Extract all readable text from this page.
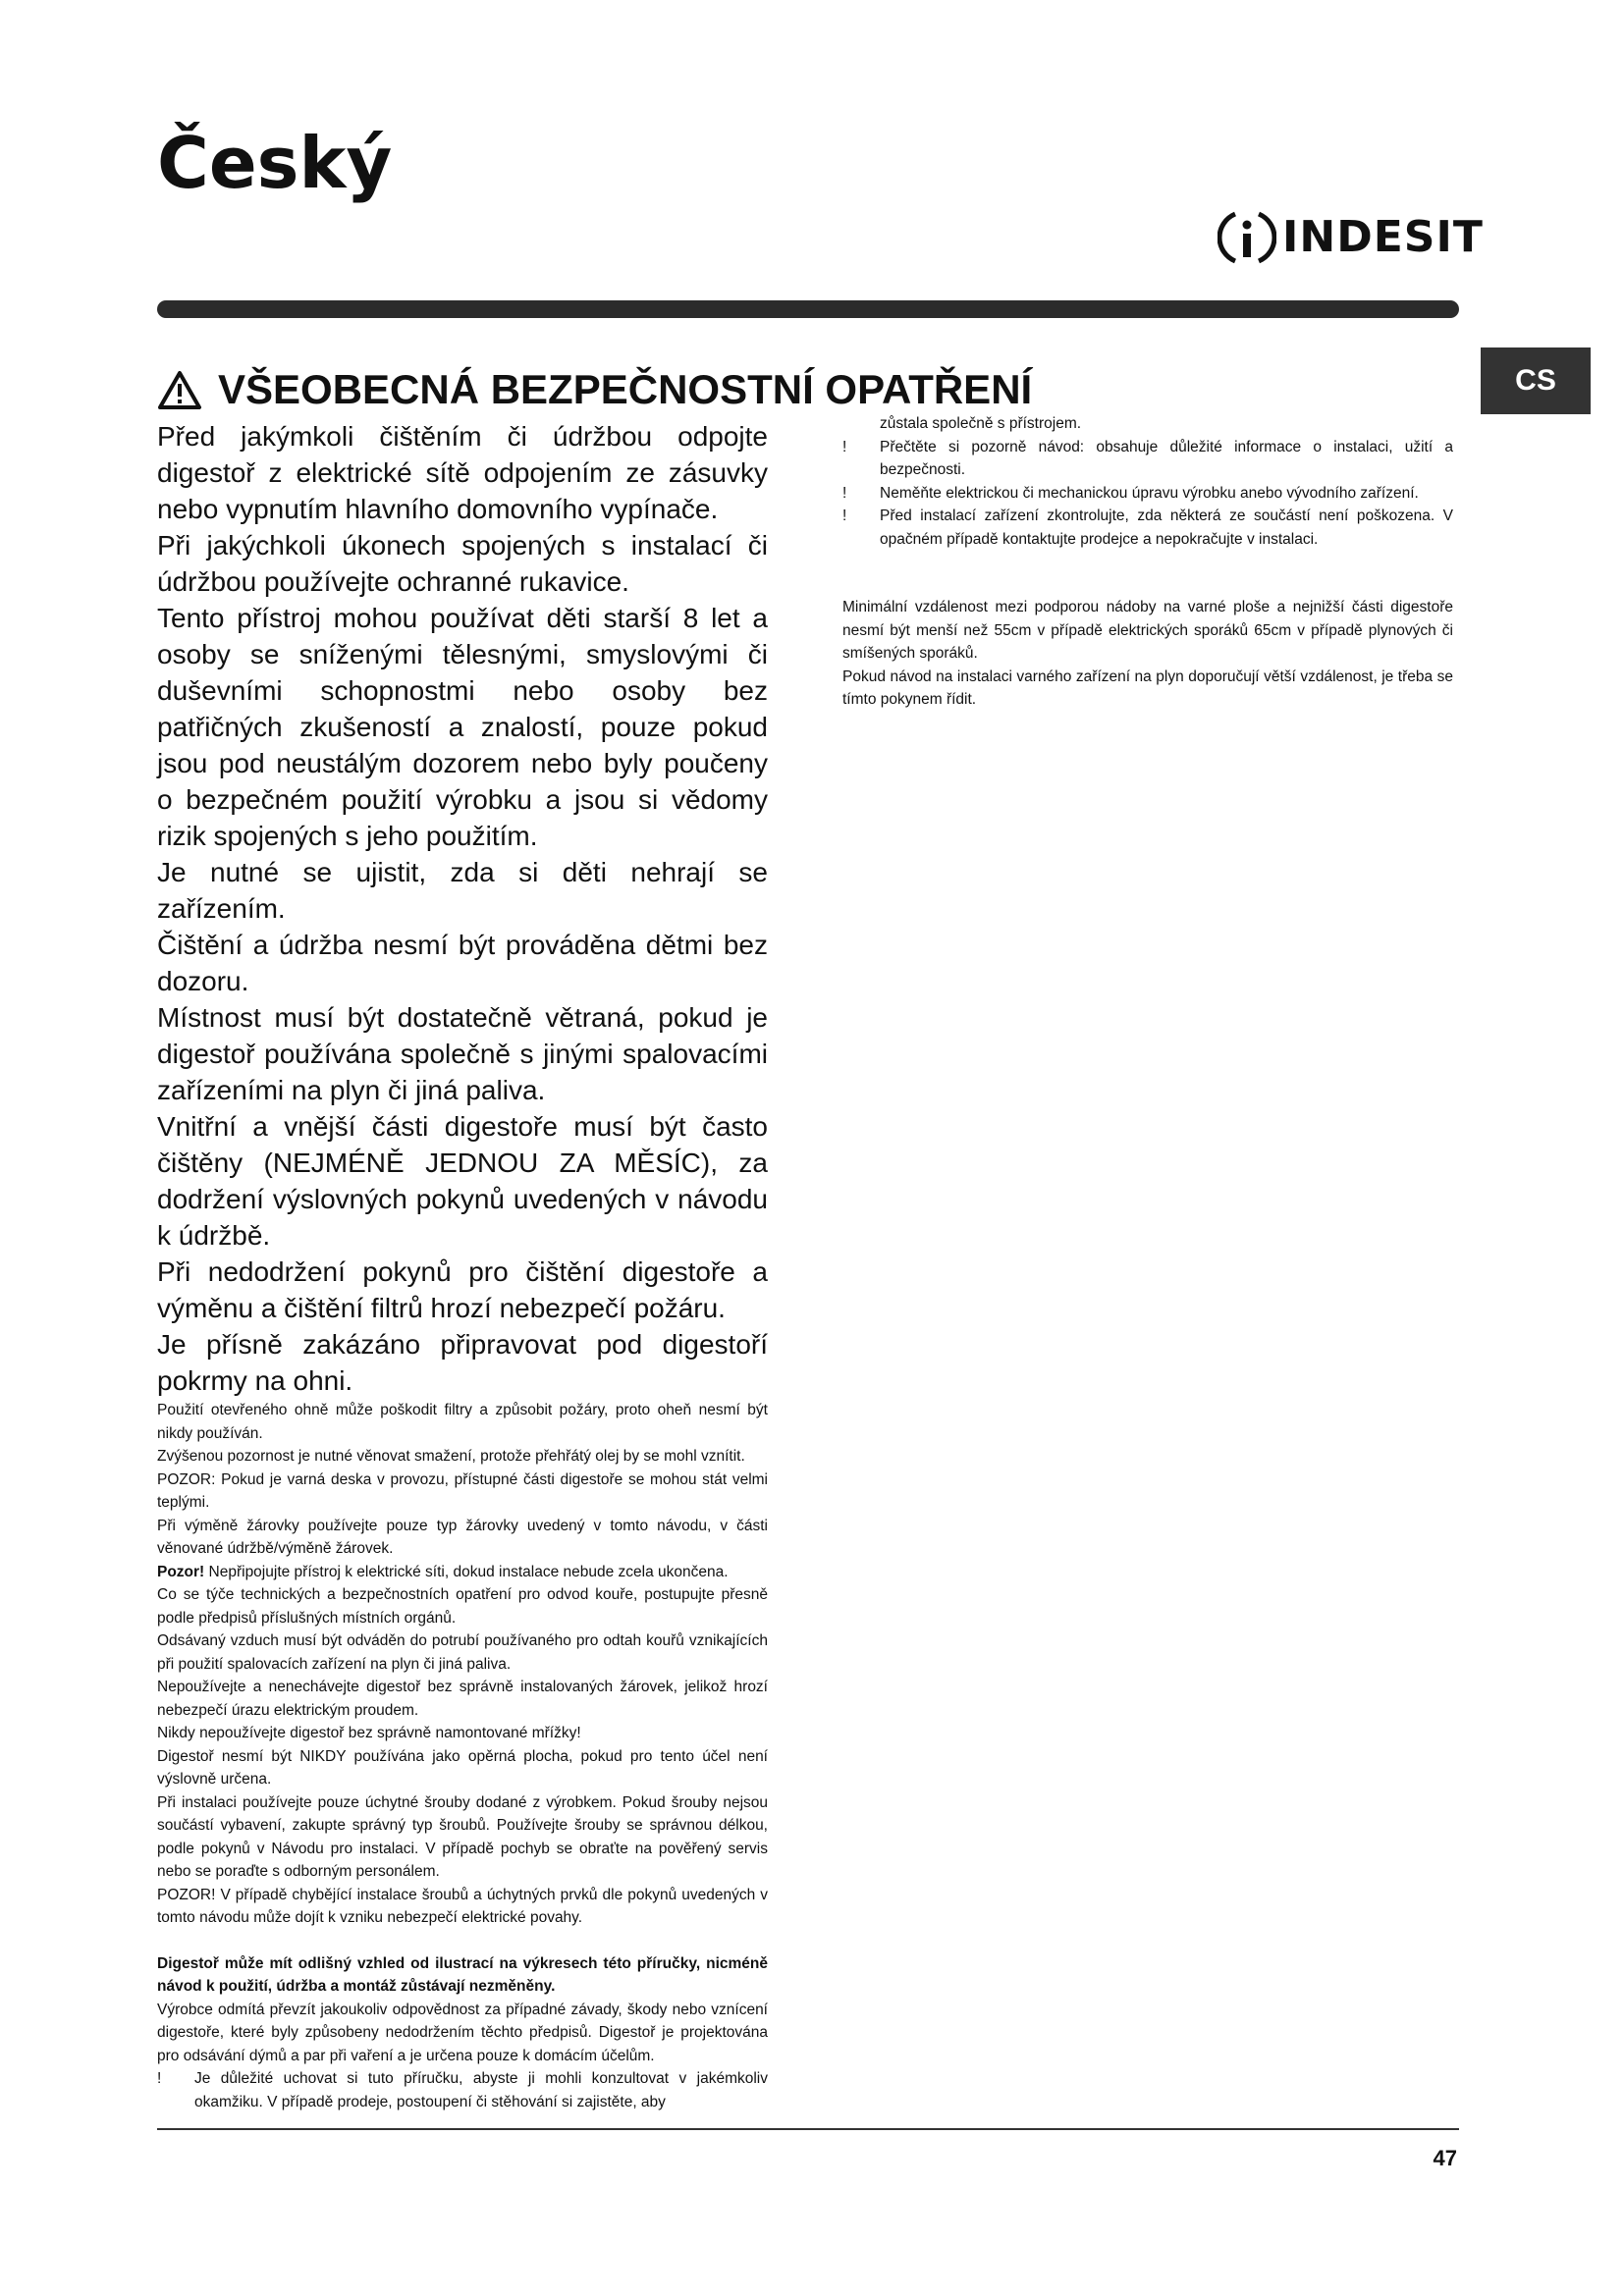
Český
INDESIT
CS
VŠEOBECNÁ BEZPEČNOSTNÍ OPATŘENÍ

Před jakýmkoli čištěním či údržbou odpojte digestoř z elektrické sítě odpojením ze zásuvky nebo vypnutím hlavního domovního vypínače.

Při jakýchkoli úkonech spojených s instalací či údržbou používejte ochranné rukavice.

Tento přístroj mohou používat děti starší 8 let a osoby se sníženými tělesnými, smyslovými či duševními schopnostmi nebo osoby bez patřičných zkušeností a znalostí, pouze pokud jsou pod neustálým dozorem nebo byly poučeny o bezpečném použití výrobku a jsou si vědomy rizik spojených s jeho použitím.

Je nutné se ujistit, zda si děti nehrají se zařízením.

Čištění a údržba nesmí být prováděna dětmi bez dozoru.

Místnost musí být dostatečně větraná, pokud je digestoř používána společně s jinými spalovacími zařízeními na plyn či jiná paliva.

Vnitřní a vnější části digestoře musí být často čištěny (NEJMÉNĚ JEDNOU ZA MĚSÍC), za dodržení výslovných pokynů uvedených v návodu k údržbě.

Při nedodržení pokynů pro čištění digestoře a výměnu a čištění filtrů hrozí nebezpečí požáru.

Je přísně zakázáno připravovat pod digestoří pokrmy na ohni.

Použití otevřeného ohně může poškodit filtry a způsobit požáry, proto oheň nesmí být nikdy používán.

Zvýšenou pozornost je nutné věnovat smažení, protože přehřátý olej by se mohl vznítit.

POZOR: Pokud je varná deska v provozu, přístupné části digestoře se mohou stát velmi teplými.

Při výměně žárovky používejte pouze typ žárovky uvedený v tomto návodu, v části věnované údržbě/výměně žárovek.

Pozor! Nepřipojujte přístroj k elektrické síti, dokud instalace nebude zcela ukončena.

Co se týče technických a bezpečnostních opatření pro odvod kouře, postupujte přesně podle předpisů příslušných místních orgánů.

Odsávaný vzduch musí být odváděn do potrubí používaného pro odtah kouřů vznikajících při použití spalovacích zařízení na plyn či jiná paliva.

Nepoužívejte a nenechávejte digestoř bez správně instalovaných žárovek, jelikož hrozí nebezpečí úrazu elektrickým proudem.

Nikdy nepoužívejte digestoř bez správně namontované mřížky!

Digestoř nesmí být NIKDY používána jako opěrná plocha, pokud pro tento účel není výslovně určena.

Při instalaci používejte pouze úchytné šrouby dodané z výrobkem. Pokud šrouby nejsou součástí vybavení, zakupte správný typ šroubů. Používejte šrouby se správnou délkou, podle pokynů v Návodu pro instalaci. V případě pochyb se obraťte na pověřený servis nebo se poraďte s odborným personálem.

POZOR! V případě chybějící instalace šroubů a úchytných prvků dle pokynů uvedených v tomto návodu může dojít k vzniku nebezpečí elektrické povahy.

Digestoř může mít odlišný vzhled od ilustrací na výkresech této příručky, nicméně návod k použití, údržba a montáž zůstávají nezměněny.

Výrobce odmítá převzít jakoukoliv odpovědnost za případné závady, škody nebo vznícení digestoře, které byly způsobeny nedodržením těchto předpisů. Digestoř je projektována pro odsávání dýmů a par při vaření a je určena pouze k domácím účelům.

!	Je důležité uchovat si tuto příručku, abyste ji mohli konzultovat v jakémkoliv okamžiku. V případě prodeje, postoupení či stěhování si zajistěte, aby

zůstala společně s přístrojem.

!	Přečtěte si pozorně návod: obsahuje důležité informace o instalaci, užití a bezpečnosti.
!	Neměňte elektrickou či mechanickou úpravu výrobku anebo vývodního zařízení.
!	Před instalací zařízení zkontrolujte, zda některá ze součástí není poškozena. V opačném případě kontaktujte prodejce a nepokračujte v instalaci.

Minimální vzdálenost mezi podporou nádoby na varné ploše a nejnižší části digestoře nesmí být menší než 55cm v případě elektrických sporáků 65cm v případě plynových či smíšených sporáků.

Pokud návod na instalaci varného zařízení na plyn doporučují větší vzdálenost, je třeba se tímto pokynem řídit.

47
